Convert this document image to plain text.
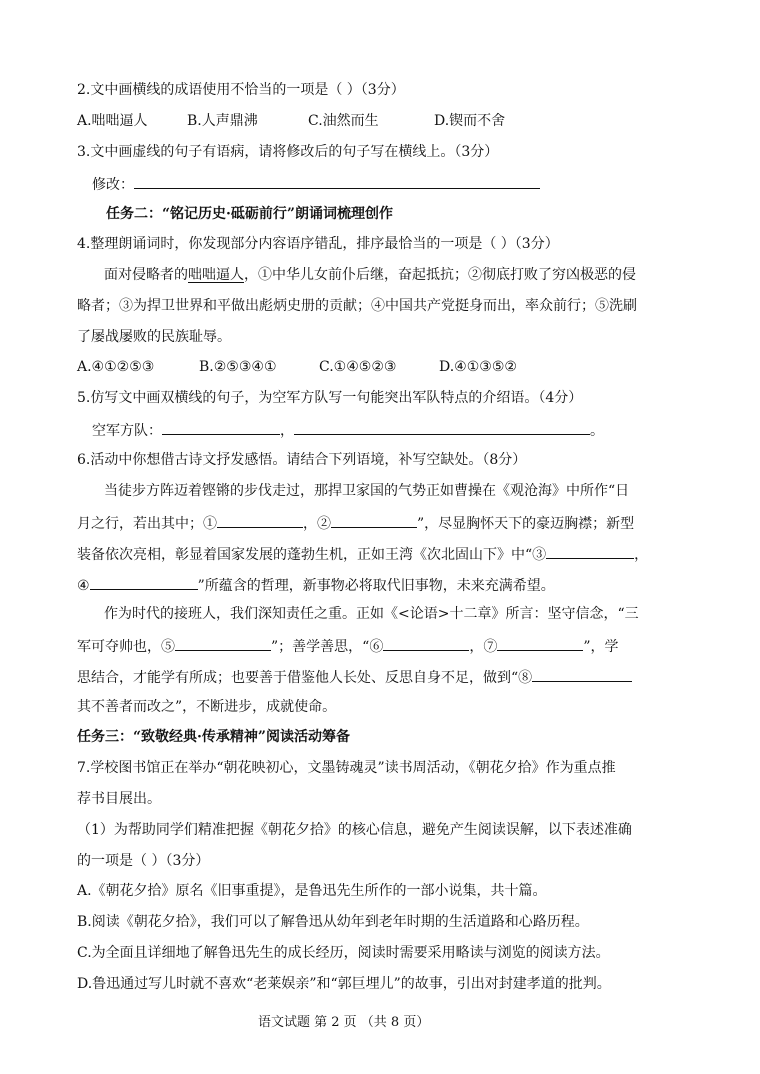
2.文中画横线的成语使用不恰当的一项是（ ）（3分）
A.咄咄逼人	B.人声鼎沸	C.油然而生	D.锲而不舍
3.文中画虚线的句子有语病，请将修改后的句子写在横线上。（3分）
修改：
任务二：“铭记历史·砥砺前行”朗诵词梳理创作
4.整理朗诵词时，你发现部分内容语序错乱，排序最恰当的一项是（ ）（3分）
面对侵略者的咄咄逼人，①中华儿女前仆后继，奋起抵抗；②彻底打败了穷凶极恶的侵
略者；③为捍卫世界和平做出彪炳史册的贡献；④中国共产党挺身而出，率众前行；⑤洗刷
了屡战屡败的民族耻辱。
A.④①②⑤③	B.②⑤③④①	C.①④⑤②③	D.④①③⑤②
5.仿写文中画双横线的句子，为空军方队写一句能突出军队特点的介绍语。（4分）
空军方队：	，	。
6.活动中你想借古诗文抒发感悟。请结合下列语境，补写空缺处。（8分）
当徒步方阵迈着铿锵的步伐走过，那捍卫家国的气势正如曹操在《观沧海》中所作“日
月之行，若出其中；①	，②	”，尽显胸怀天下的豪迈胸襟；新型
装备依次亮相，彰显着国家发展的蓬勃生机，正如王湾《次北固山下》中“③	，
④	”所蕴含的哲理，新事物必将取代旧事物，未来充满希望。
作为时代的接班人，我们深知责任之重。正如《<论语>十二章》所言：坚守信念，“三
军可夺帅也，⑤	”；善学善思，“⑥	，⑦	”，学
思结合，才能学有所成；也要善于借鉴他人长处、反思自身不足，做到“⑧
其不善者而改之”，不断进步，成就使命。
任务三：“致敬经典·传承精神”阅读活动筹备
7.学校图书馆正在举办“朝花映初心，文墨铸魂灵”读书周活动，《朝花夕拾》作为重点推
荐书目展出。
（1）为帮助同学们精准把握《朝花夕拾》的核心信息，避免产生阅读误解，以下表述准确
的一项是（ ）（3分）
A.《朝花夕拾》原名《旧事重提》，是鲁迅先生所作的一部小说集，共十篇。
B.阅读《朝花夕拾》，我们可以了解鲁迅从幼年到老年时期的生活道路和心路历程。
C.为全面且详细地了解鲁迅先生的成长经历，阅读时需要采用略读与浏览的阅读方法。
D.鲁迅通过写儿时就不喜欢“老莱娱亲”和“郭巨埋儿”的故事，引出对封建孝道的批判。
语文试题 第 2 页 （共 8 页）
